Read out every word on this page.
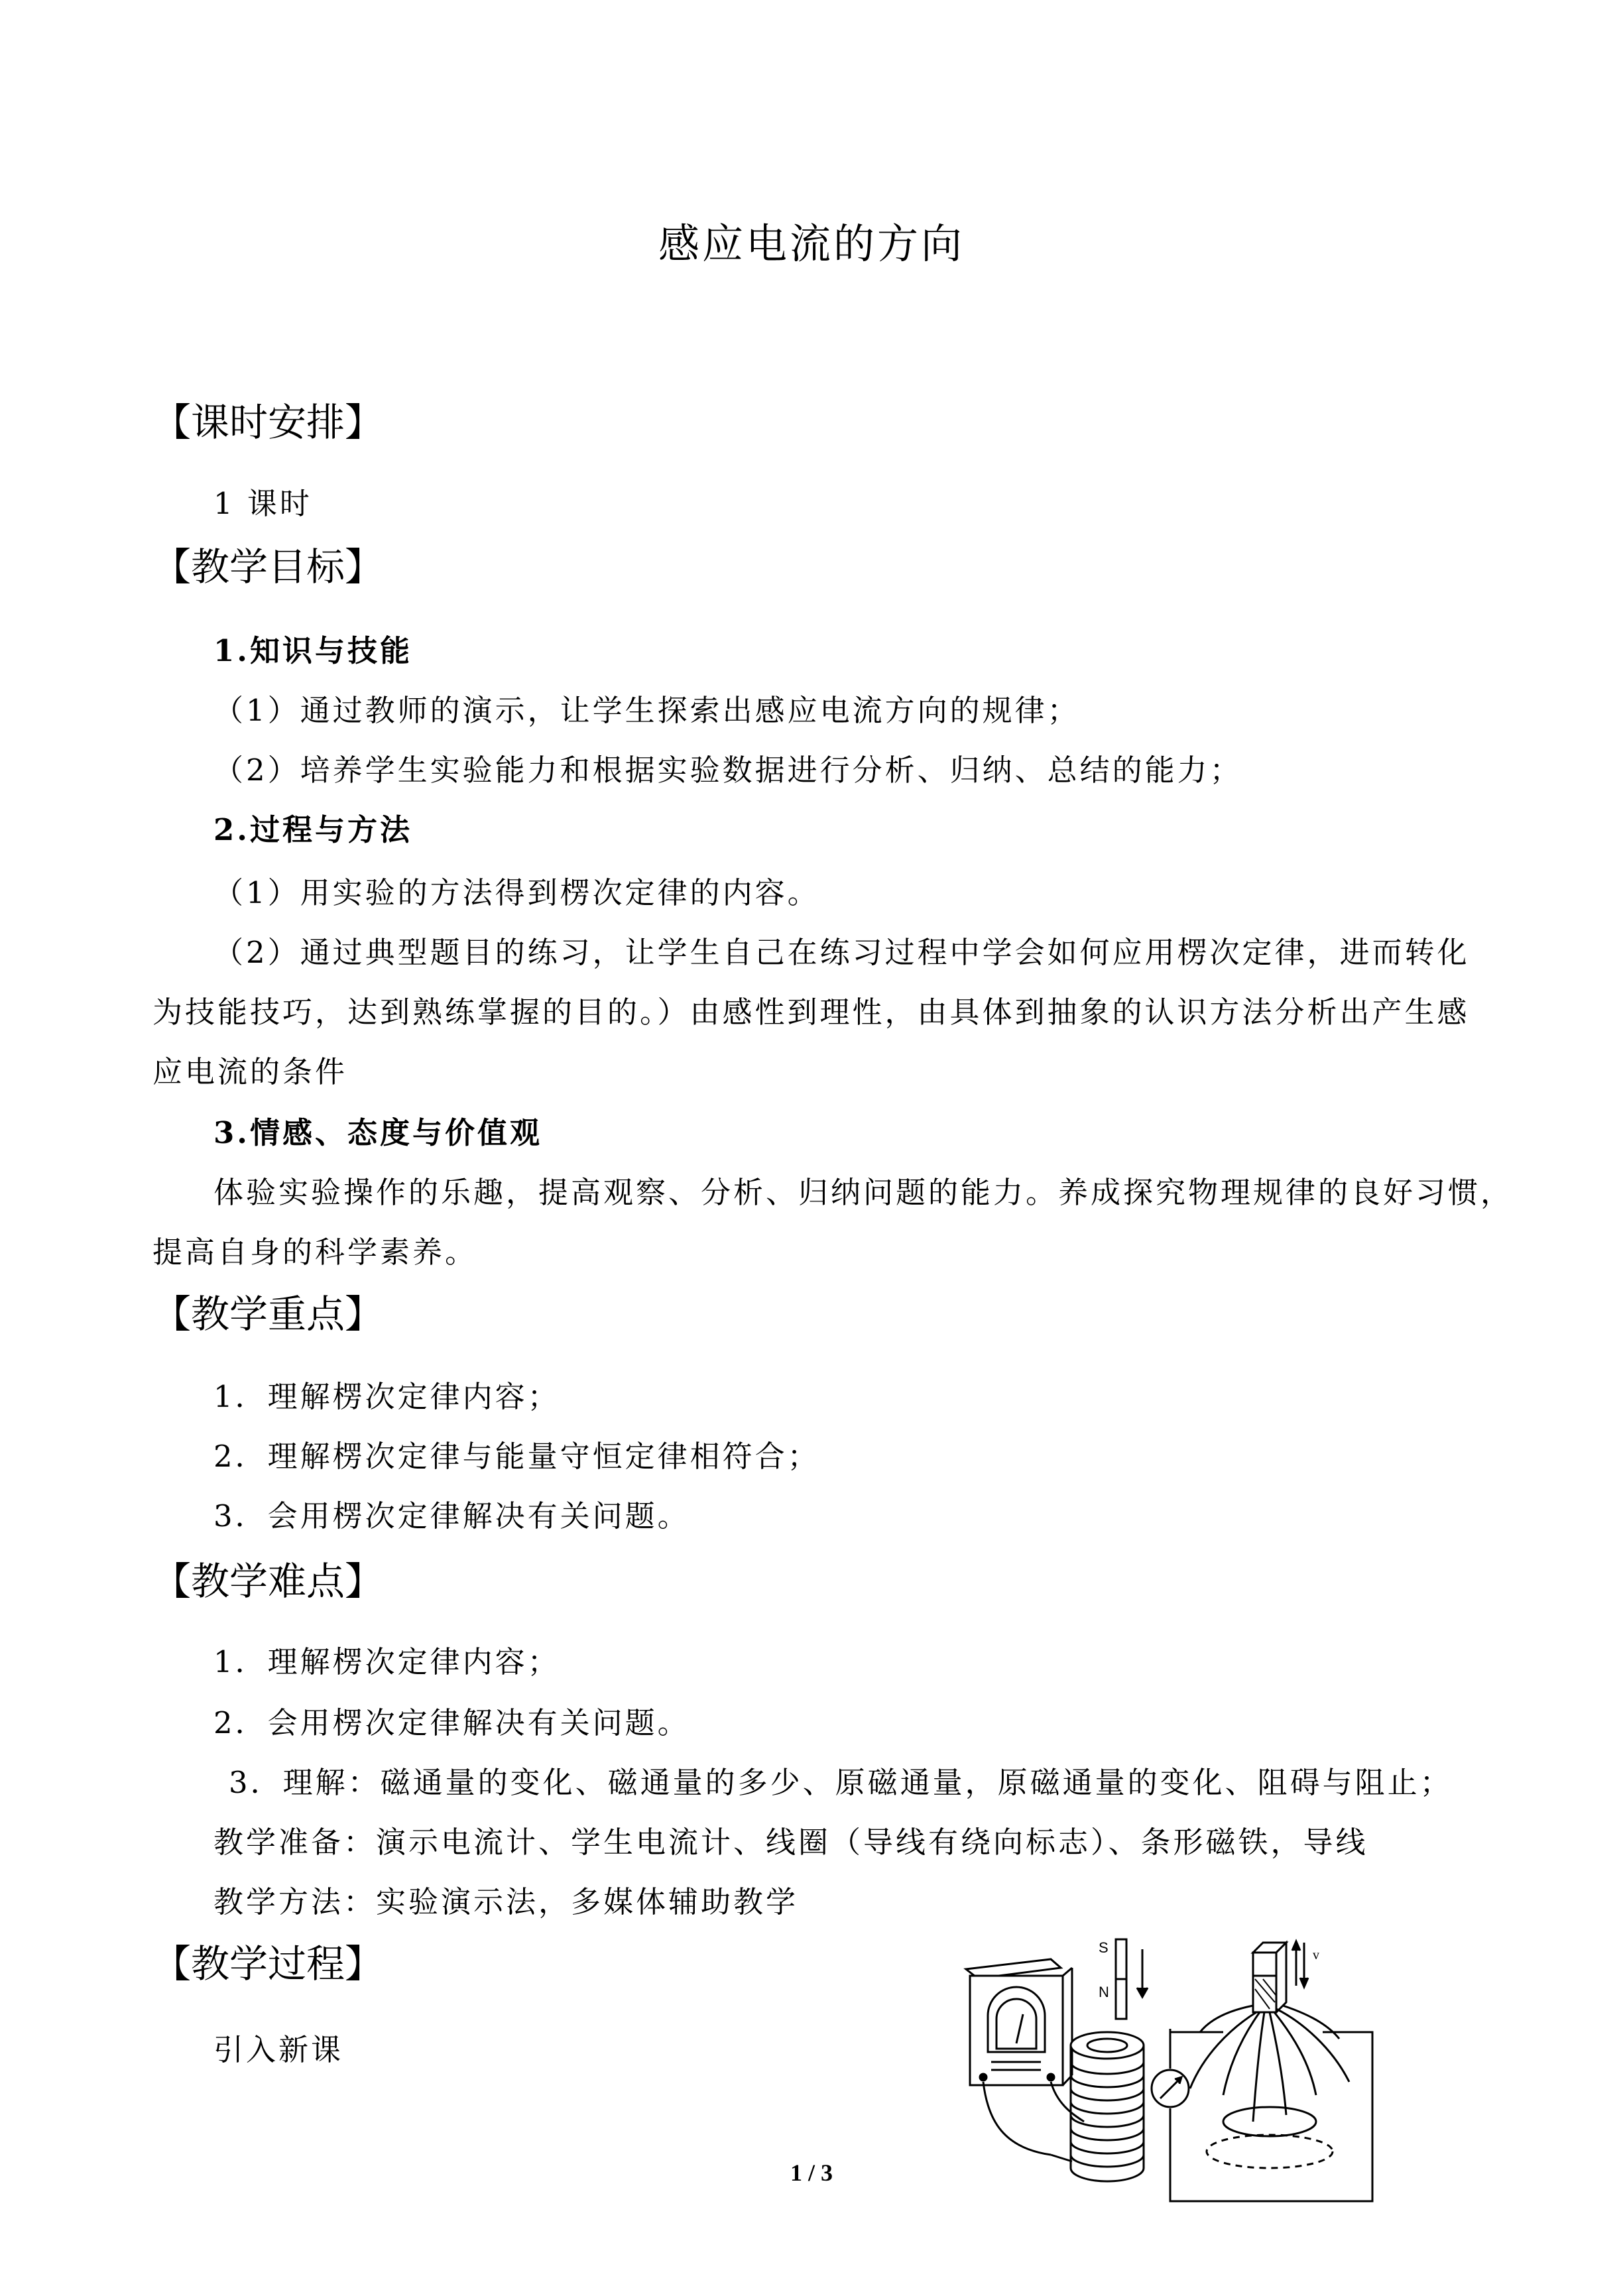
感应电流的方向
【课时安排】
1 课时
【教学目标】
1.知识与技能
（1）通过教师的演示，让学生探索出感应电流方向的规律；
（2）培养学生实验能力和根据实验数据进行分析、归纳、总结的能力；
2.过程与方法
（1）用实验的方法得到楞次定律的内容。
（2）通过典型题目的练习，让学生自己在练习过程中学会如何应用楞次定律，进而转化
为技能技巧，达到熟练掌握的目的。）由感性到理性，由具体到抽象的认识方法分析出产生感
应电流的条件
3.情感、态度与价值观
体验实验操作的乐趣，提高观察、分析、归纳问题的能力。养成探究物理规律的良好习惯，
提高自身的科学素养。
【教学重点】
1．理解楞次定律内容；
2．理解楞次定律与能量守恒定律相符合；
3．会用楞次定律解决有关问题。
【教学难点】
1．理解楞次定律内容；
2．会用楞次定律解决有关问题。
3．理解：磁通量的变化、磁通量的多少、原磁通量，原磁通量的变化、阻碍与阻止；
教学准备：演示电流计、学生电流计、线圈（导线有绕向标志）、条形磁铁，导线
教学方法：实验演示法，多媒体辅助教学
【教学过程】
引入新课
S
N
v
1 / 3
